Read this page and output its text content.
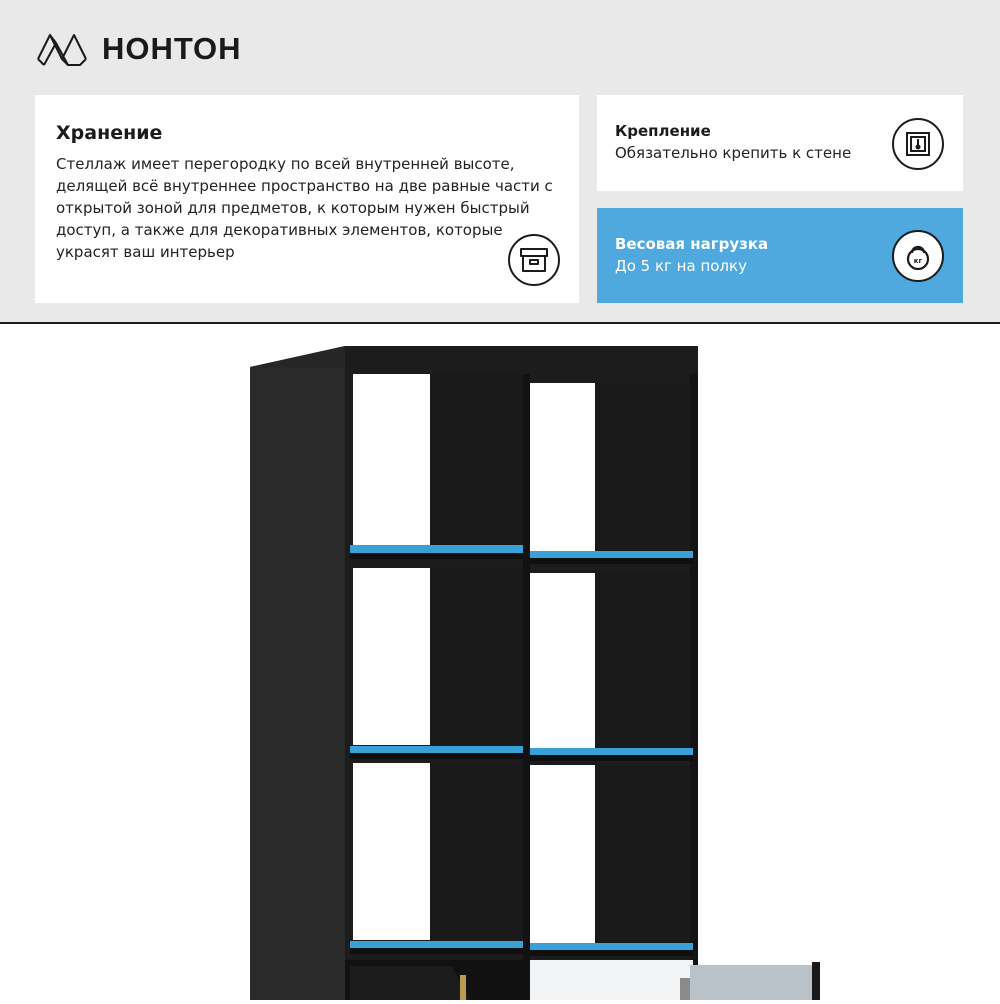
НОНТОН
Хранение
Стеллаж имеет перегородку по всей внутренней высоте, делящей всё внутреннее пространство на две равные части с открытой зоной для предметов, к которым нужен быстрый доступ, а также для декоративных элементов, которые украсят ваш интерьер
Крепление
Обязательно крепить к стене
Весовая нагрузка
До 5 кг на полку	кг
